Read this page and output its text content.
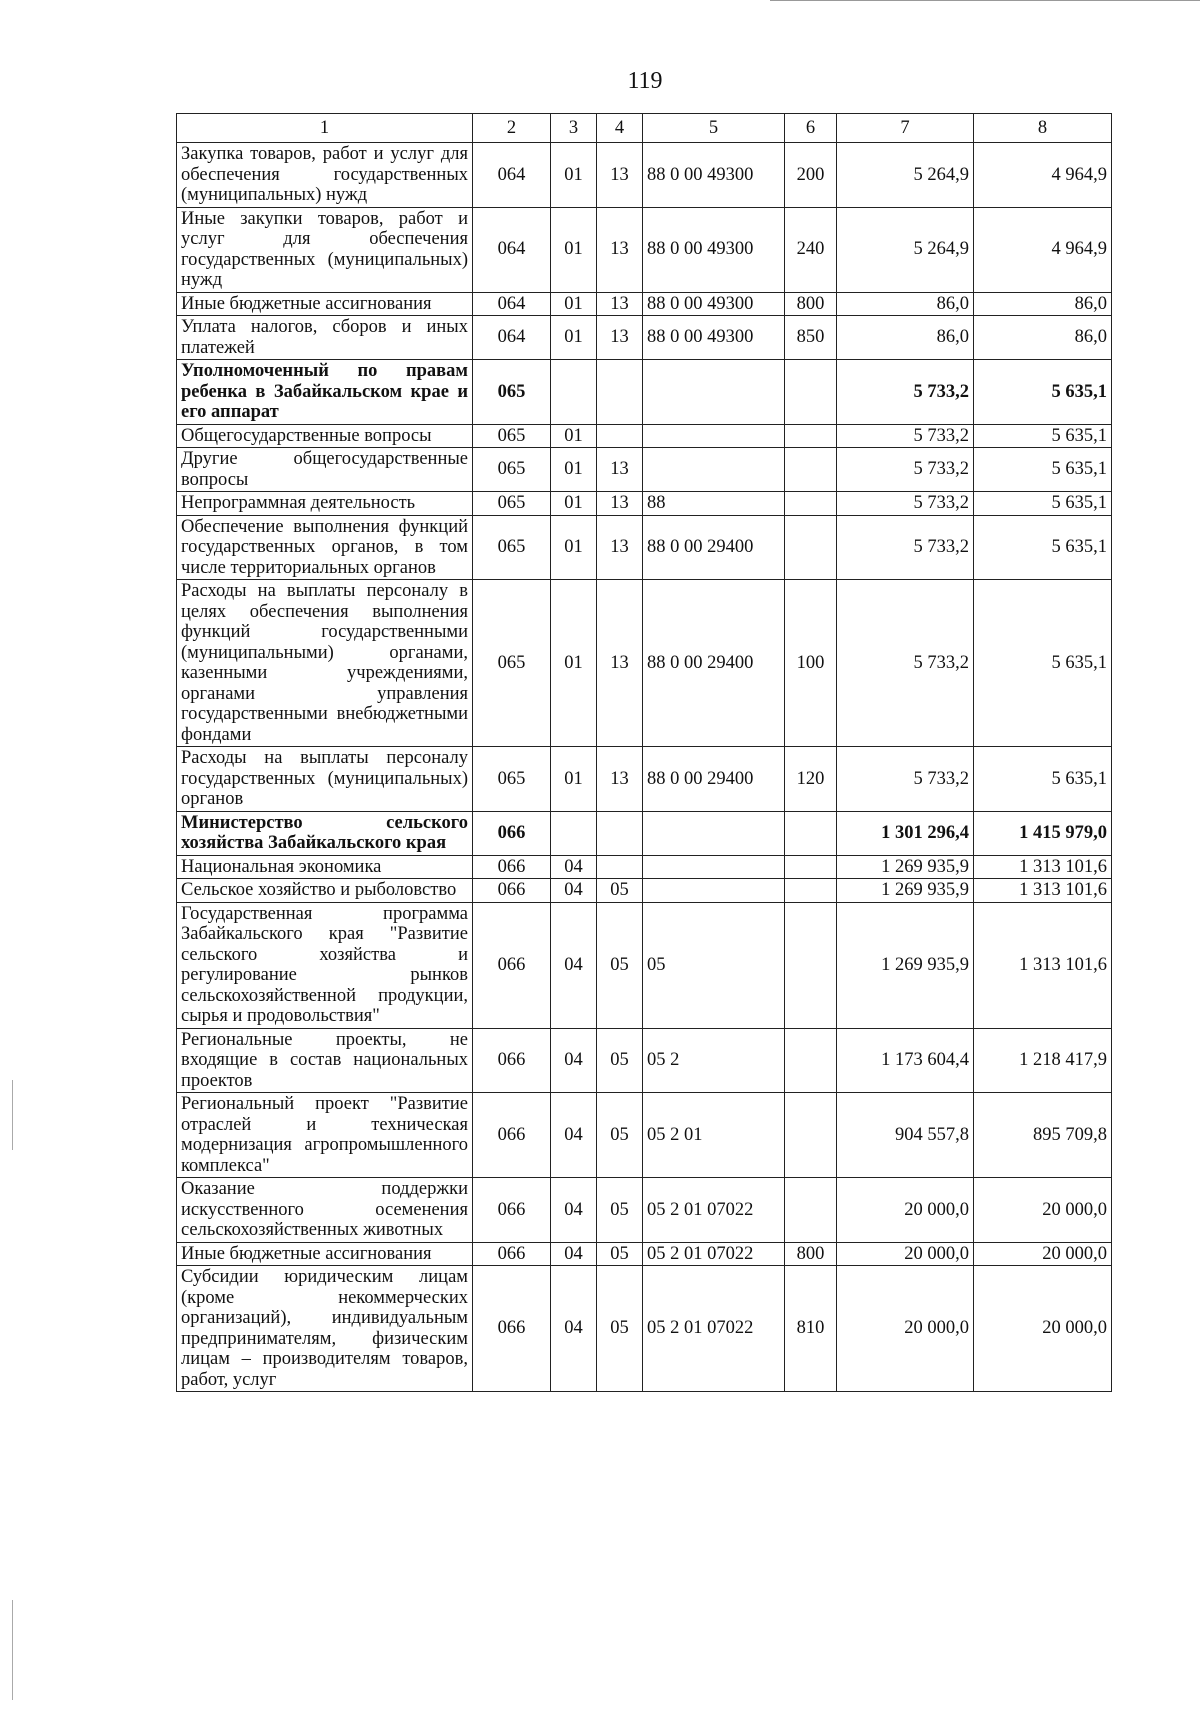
119
1	2	3	4	5	6	7	8
Закупка товаров, работ и услуг для обеспечения государственных (муниципальных) нужд	064	01	13	88 0 00 49300	200	5 264,9	4 964,9
Иные закупки товаров, работ и услуг для обеспечения государственных (муниципальных) нужд	064	01	13	88 0 00 49300	240	5 264,9	4 964,9
Иные бюджетные ассигнования	064	01	13	88 0 00 49300	800	86,0	86,0
Уплата налогов, сборов и иных платежей	064	01	13	88 0 00 49300	850	86,0	86,0
Уполномоченный по правам ребенка в Забайкальском крае и его аппарат	065					5 733,2	5 635,1
Общегосударственные вопросы	065	01				5 733,2	5 635,1
Другие общегосударственные вопросы	065	01	13			5 733,2	5 635,1
Непрограммная деятельность	065	01	13	88		5 733,2	5 635,1
Обеспечение выполнения функций государственных органов, в том числе территориальных органов	065	01	13	88 0 00 29400		5 733,2	5 635,1
Расходы на выплаты персоналу в целях обеспечения выполнения функций государственными (муниципальными) органами, казенными учреждениями, органами управления государственными внебюджетными фондами	065	01	13	88 0 00 29400	100	5 733,2	5 635,1
Расходы на выплаты персоналу государственных (муниципальных) органов	065	01	13	88 0 00 29400	120	5 733,2	5 635,1
Министерство сельского хозяйства Забайкальского края	066					1 301 296,4	1 415 979,0
Национальная экономика	066	04				1 269 935,9	1 313 101,6
Сельское хозяйство и рыболовство	066	04	05			1 269 935,9	1 313 101,6
Государственная программа Забайкальского края "Развитие сельского хозяйства и регулирование рынков сельскохозяйственной продукции, сырья и продовольствия"	066	04	05	05		1 269 935,9	1 313 101,6
Региональные проекты, не входящие в состав национальных проектов	066	04	05	05 2		1 173 604,4	1 218 417,9
Региональный проект "Развитие отраслей и техническая модернизация агропромышленного комплекса"	066	04	05	05 2 01		904 557,8	895 709,8
Оказание поддержки искусственного осеменения сельскохозяйственных животных	066	04	05	05 2 01 07022		20 000,0	20 000,0
Иные бюджетные ассигнования	066	04	05	05 2 01 07022	800	20 000,0	20 000,0
Субсидии юридическим лицам (кроме некоммерческих организаций), индивидуальным предпринимателям, физическим лицам – производителям товаров, работ, услуг	066	04	05	05 2 01 07022	810	20 000,0	20 000,0
